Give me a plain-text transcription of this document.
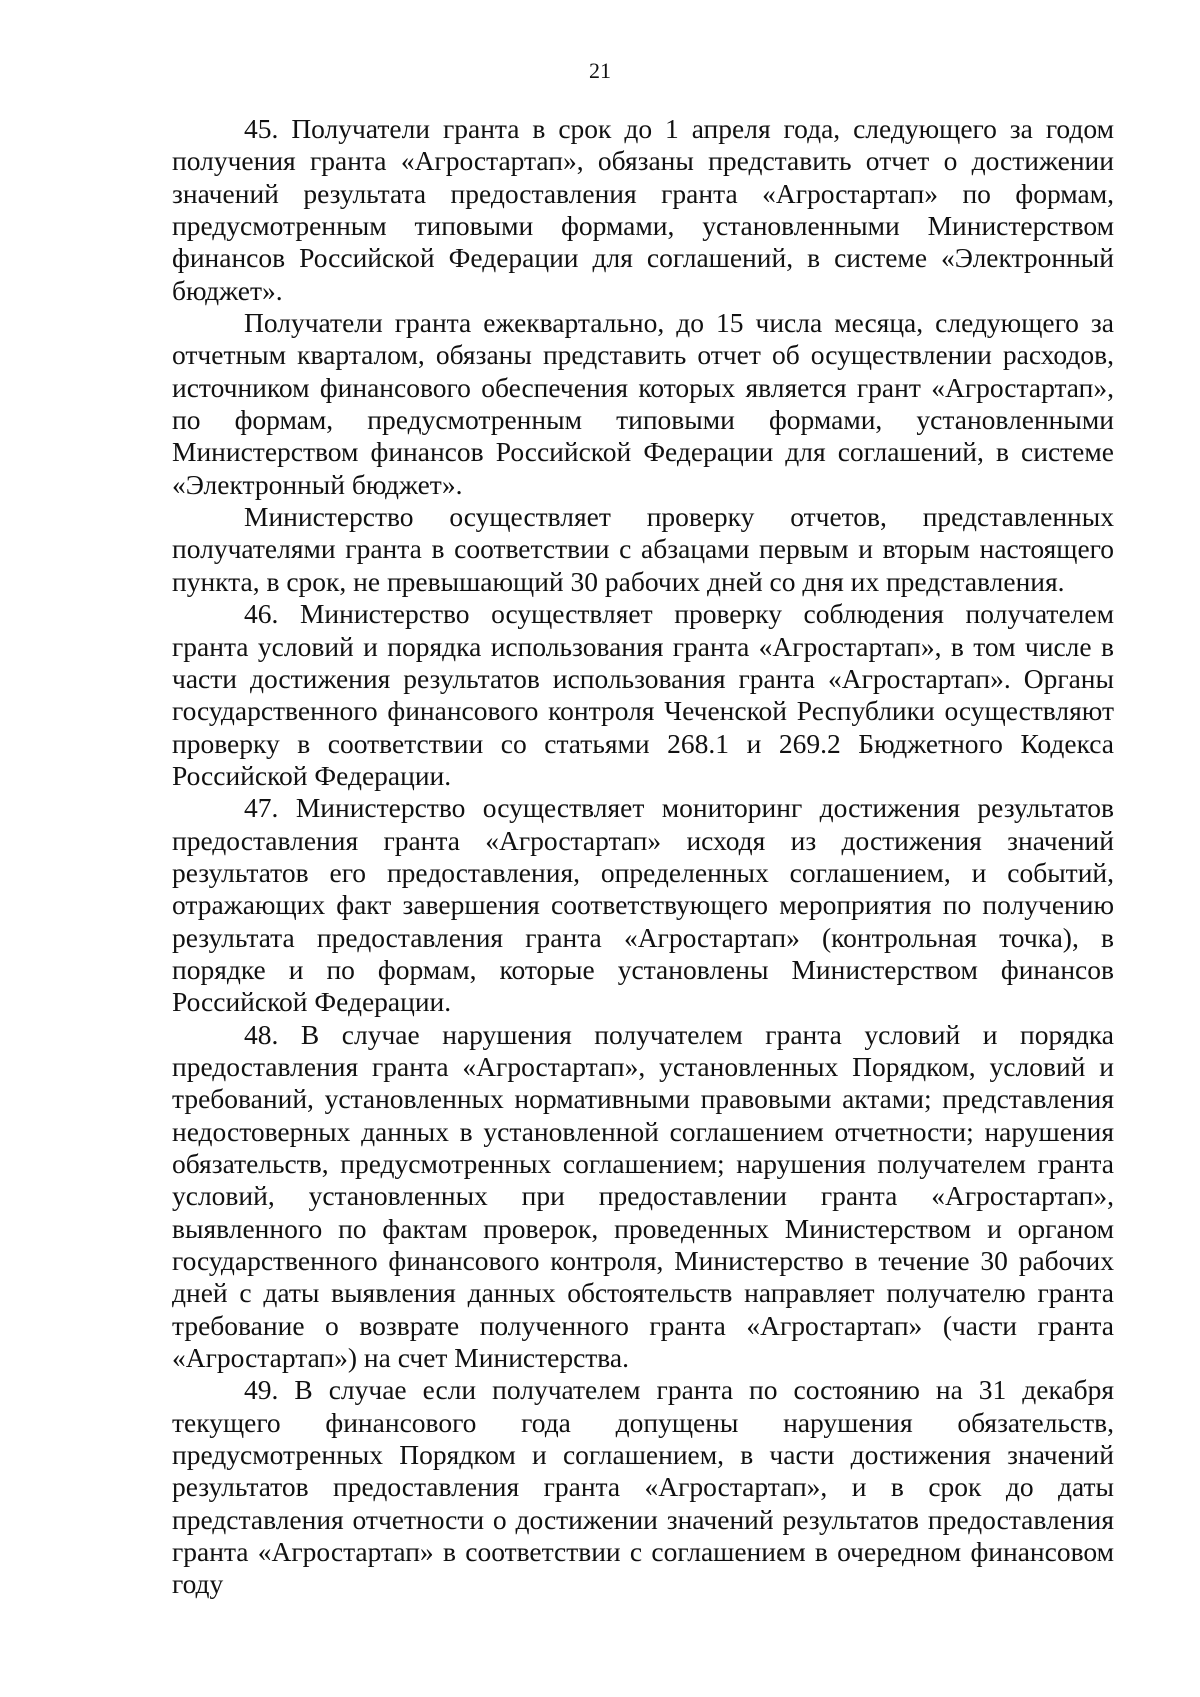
21

45. Получатели гранта в срок до 1 апреля года, следующего за годом получения гранта «Агростартап», обязаны представить отчет о достижении значений результата предоставления гранта «Агростартап» по формам, предусмотренным типовыми формами, установленными Министерством финансов Российской Федерации для соглашений, в системе «Электронный бюджет».

Получатели гранта ежеквартально, до 15 числа месяца, следующего за отчетным кварталом, обязаны представить отчет об осуществлении расходов, источником финансового обеспечения которых является грант «Агростартап», по формам, предусмотренным типовыми формами, установленными Министерством финансов Российской Федерации для соглашений, в системе «Электронный бюджет».

Министерство осуществляет проверку отчетов, представленных получателями гранта в соответствии с абзацами первым и вторым настоящего пункта, в срок, не превышающий 30 рабочих дней со дня их представления.

46. Министерство осуществляет проверку соблюдения получателем гранта условий и порядка использования гранта «Агростартап», в том числе в части достижения результатов использования гранта «Агростартап». Органы государственного финансового контроля Чеченской Республики осуществляют проверку в соответствии со статьями 268.1 и 269.2 Бюджетного Кодекса Российской Федерации.

47. Министерство осуществляет мониторинг достижения результатов предоставления гранта «Агростартап» исходя из достижения значений результатов его предоставления, определенных соглашением, и событий, отражающих факт завершения соответствующего мероприятия по получению результата предоставления гранта «Агростартап» (контрольная точка), в порядке и по формам, которые установлены Министерством финансов Российской Федерации.

48. В случае нарушения получателем гранта условий и порядка предоставления гранта «Агростартап», установленных Порядком, условий и требований, установленных нормативными правовыми актами; представления недостоверных данных в установленной соглашением отчетности; нарушения обязательств, предусмотренных соглашением; нарушения получателем гранта условий, установленных при предоставлении гранта «Агростартап», выявленного по фактам проверок, проведенных Министерством и органом государственного финансового контроля, Министерство в течение 30 рабочих дней с даты выявления данных обстоятельств направляет получателю гранта требование о возврате полученного гранта «Агростартап» (части гранта «Агростартап») на счет Министерства.

49. В случае если получателем гранта по состоянию на 31 декабря текущего финансового года допущены нарушения обязательств, предусмотренных Порядком и соглашением, в части достижения значений результатов предоставления гранта «Агростартап», и в срок до даты представления отчетности о достижении значений результатов предоставления гранта «Агростартап» в соответствии с соглашением в очередном финансовом году
